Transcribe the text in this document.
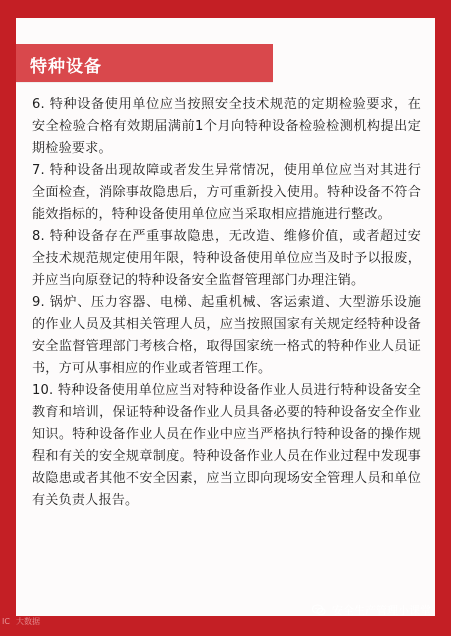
特种设备

6. 特种设备使用单位应当按照安全技术规范的定期检验要求，在安全检验合格有效期届满前1个月向特种设备检验检测机构提出定期检验要求。

7. 特种设备出现故障或者发生异常情况，使用单位应当对其进行全面检查，消除事故隐患后，方可重新投入使用。特种设备不符合能效指标的，特种设备使用单位应当采取相应措施进行整改。

8. 特种设备存在严重事故隐患，无改造、维修价值，或者超过安全技术规范规定使用年限，特种设备使用单位应当及时予以报废，并应当向原登记的特种设备安全监督管理部门办理注销。

9. 锅炉、压力容器、电梯、起重机械、客运索道、大型游乐设施的作业人员及其相关管理人员，应当按照国家有关规定经特种设备安全监督管理部门考核合格，取得国家统一格式的特种作业人员证书，方可从事相应的作业或者管理工作。

10. 特种设备使用单位应当对特种设备作业人员进行特种设备安全教育和培训，保证特种设备作业人员具备必要的特种设备安全作业知识。特种设备作业人员在作业中应当严格执行特种设备的操作规程和有关的安全规章制度。特种设备作业人员在作业过程中发现事故隐患或者其他不安全因素，应当立即向现场安全管理人员和单位有关负责人报告。

IC 大数据
安全生产管理小课堂
